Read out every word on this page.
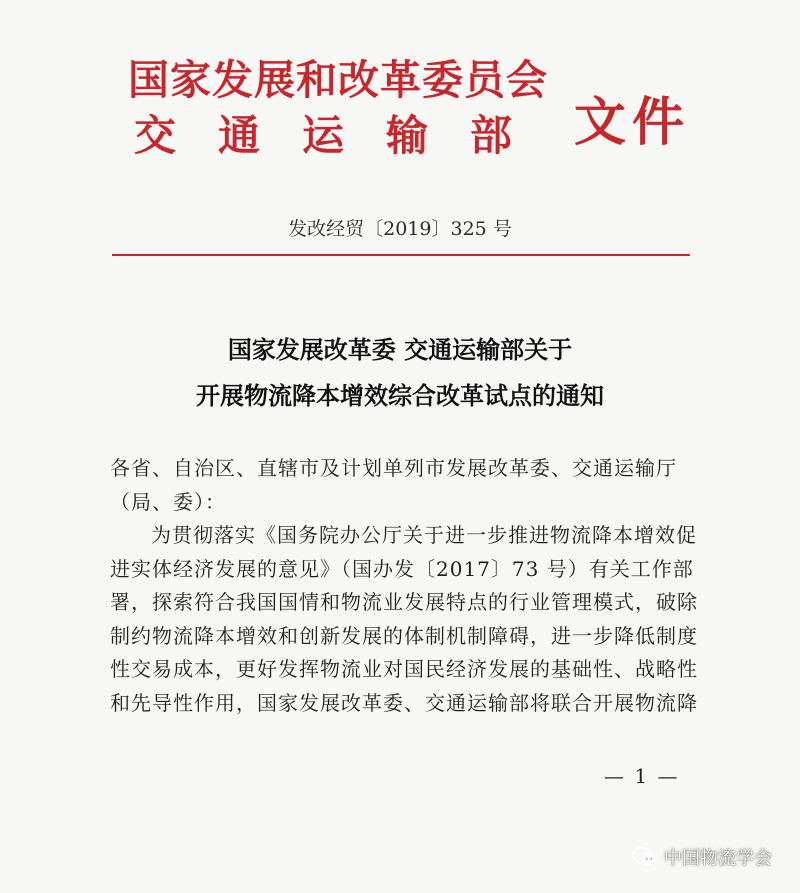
国家发展和改革委员会
交通运输部 文件
发改经贸〔2019〕325 号
国家发展改革委 交通运输部关于
开展物流降本增效综合改革试点的通知
各省、自治区、直辖市及计划单列市发展改革委、交通运输厅
（局、委）：
为贯彻落实《国务院办公厅关于进一步推进物流降本增效促
进实体经济发展的意见》（国办发〔2017〕73 号）有关工作部
署，探索符合我国国情和物流业发展特点的行业管理模式，破除
制约物流降本增效和创新发展的体制机制障碍，进一步降低制度
性交易成本，更好发挥物流业对国民经济发展的基础性、战略性
和先导性作用，国家发展改革委、交通运输部将联合开展物流降
— 1 —
中国物流学会
